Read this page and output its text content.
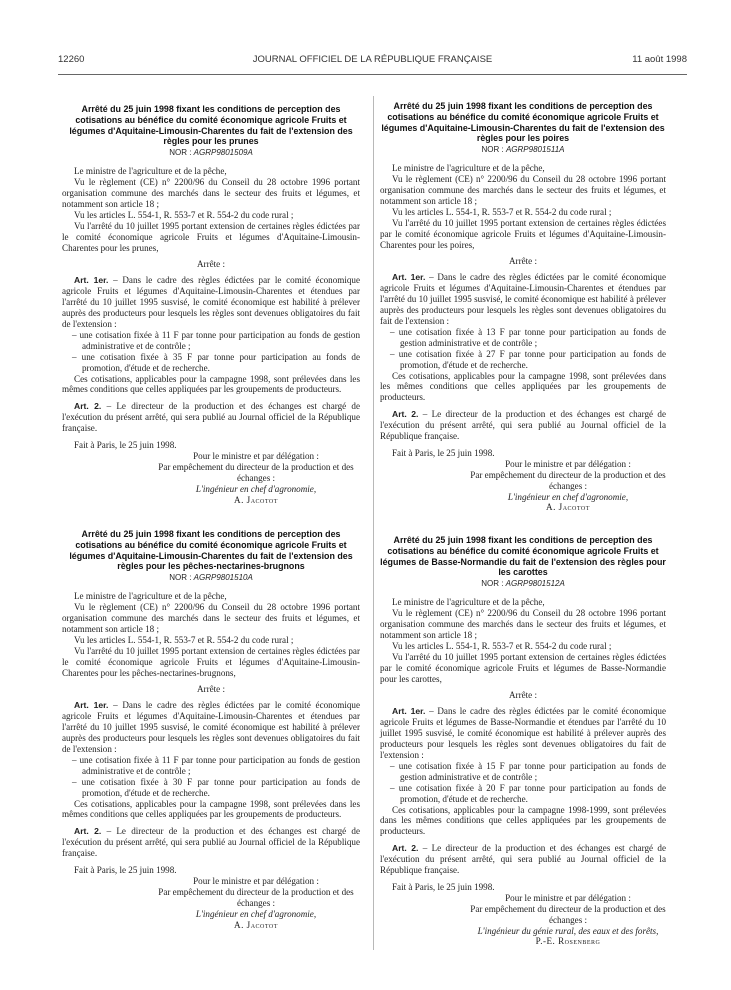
12260	JOURNAL OFFICIEL DE LA RÉPUBLIQUE FRANÇAISE	11 août 1998

Arrêté du 25 juin 1998 fixant les conditions de perception des cotisations au bénéfice du comité économique agricole Fruits et légumes d'Aquitaine-Limousin-Charentes du fait de l'extension des règles pour les prunes

NOR : AGRP9801509A

Le ministre de l'agriculture et de la pêche,

Vu le règlement (CE) n° 2200/96 du Conseil du 28 octobre 1996 portant organisation commune des marchés dans le secteur des fruits et légumes, et notamment son article 18 ;

Vu les articles L. 554-1, R. 553-7 et R. 554-2 du code rural ;

Vu l'arrêté du 10 juillet 1995 portant extension de certaines règles édictées par le comité économique agricole Fruits et légumes d'Aquitaine-Limousin-Charentes pour les prunes,

Arrête :

Art. 1er. – Dans le cadre des règles édictées par le comité économique agricole Fruits et légumes d'Aquitaine-Limousin-Charentes et étendues par l'arrêté du 10 juillet 1995 susvisé, le comité économique est habilité à prélever auprès des producteurs pour lesquels les règles sont devenues obligatoires du fait de l'extension :

– une cotisation fixée à 11 F par tonne pour participation au fonds de gestion administrative et de contrôle ;

– une cotisation fixée à 35 F par tonne pour participation au fonds de promotion, d'étude et de recherche.

Ces cotisations, applicables pour la campagne 1998, sont prélevées dans les mêmes conditions que celles appliquées par les groupements de producteurs.

Art. 2. – Le directeur de la production et des échanges est chargé de l'exécution du présent arrêté, qui sera publié au Journal officiel de la République française.

Fait à Paris, le 25 juin 1998.

Pour le ministre et par délégation :

Par empêchement du directeur de la production et des échanges :

L'ingénieur en chef d'agronomie,

A. Jacotot

Arrêté du 25 juin 1998 fixant les conditions de perception des cotisations au bénéfice du comité économique agricole Fruits et légumes d'Aquitaine-Limousin-Charentes du fait de l'extension des règles pour les poires

NOR : AGRP9801511A

Le ministre de l'agriculture et de la pêche,

Vu le règlement (CE) n° 2200/96 du Conseil du 28 octobre 1996 portant organisation commune des marchés dans le secteur des fruits et légumes, et notamment son article 18 ;

Vu les articles L. 554-1, R. 553-7 et R. 554-2 du code rural ;

Vu l'arrêté du 10 juillet 1995 portant extension de certaines règles édictées par le comité économique agricole Fruits et légumes d'Aquitaine-Limousin-Charentes pour les poires,

Arrête :

Art. 1er. – Dans le cadre des règles édictées par le comité économique agricole Fruits et légumes d'Aquitaine-Limousin-Charentes et étendues par l'arrêté du 10 juillet 1995 susvisé, le comité économique est habilité à prélever auprès des producteurs pour lesquels les règles sont devenues obligatoires du fait de l'extension :

– une cotisation fixée à 13 F par tonne pour participation au fonds de gestion administrative et de contrôle ;

– une cotisation fixée à 27 F par tonne pour participation au fonds de promotion, d'étude et de recherche.

Ces cotisations, applicables pour la campagne 1998, sont prélevées dans les mêmes conditions que celles appliquées par les groupements de producteurs.

Art. 2. – Le directeur de la production et des échanges est chargé de l'exécution du présent arrêté, qui sera publié au Journal officiel de la République française.

Fait à Paris, le 25 juin 1998.

Pour le ministre et par délégation :

Par empêchement du directeur de la production et des échanges :

L'ingénieur en chef d'agronomie,

A. Jacotot

Arrêté du 25 juin 1998 fixant les conditions de perception des cotisations au bénéfice du comité économique agricole Fruits et légumes d'Aquitaine-Limousin-Charentes du fait de l'extension des règles pour les pêches-nectarines-brugnons

NOR : AGRP9801510A

Le ministre de l'agriculture et de la pêche,

Vu le règlement (CE) n° 2200/96 du Conseil du 28 octobre 1996 portant organisation commune des marchés dans le secteur des fruits et légumes, et notamment son article 18 ;

Vu les articles L. 554-1, R. 553-7 et R. 554-2 du code rural ;

Vu l'arrêté du 10 juillet 1995 portant extension de certaines règles édictées par le comité économique agricole Fruits et légumes d'Aquitaine-Limousin-Charentes pour les pêches-nectarines-brugnons,

Arrête :

Art. 1er. – Dans le cadre des règles édictées par le comité économique agricole Fruits et légumes d'Aquitaine-Limousin-Charentes et étendues par l'arrêté du 10 juillet 1995 susvisé, le comité économique est habilité à prélever auprès des producteurs pour lesquels les règles sont devenues obligatoires du fait de l'extension :

– une cotisation fixée à 11 F par tonne pour participation au fonds de gestion administrative et de contrôle ;

– une cotisation fixée à 30 F par tonne pour participation au fonds de promotion, d'étude et de recherche.

Ces cotisations, applicables pour la campagne 1998, sont prélevées dans les mêmes conditions que celles appliquées par les groupements de producteurs.

Art. 2. – Le directeur de la production et des échanges est chargé de l'exécution du présent arrêté, qui sera publié au Journal officiel de la République française.

Fait à Paris, le 25 juin 1998.

Pour le ministre et par délégation :

Par empêchement du directeur de la production et des échanges :

L'ingénieur en chef d'agronomie,

A. Jacotot

Arrêté du 25 juin 1998 fixant les conditions de perception des cotisations au bénéfice du comité économique agricole Fruits et légumes de Basse-Normandie du fait de l'extension des règles pour les carottes

NOR : AGRP9801512A

Le ministre de l'agriculture et de la pêche,

Vu le règlement (CE) n° 2200/96 du Conseil du 28 octobre 1996 portant organisation commune des marchés dans le secteur des fruits et légumes, et notamment son article 18 ;

Vu les articles L. 554-1, R. 553-7 et R. 554-2 du code rural ;

Vu l'arrêté du 10 juillet 1995 portant extension de certaines règles édictées par le comité économique agricole Fruits et légumes de Basse-Normandie pour les carottes,

Arrête :

Art. 1er. – Dans le cadre des règles édictées par le comité économique agricole Fruits et légumes de Basse-Normandie et étendues par l'arrêté du 10 juillet 1995 susvisé, le comité économique est habilité à prélever auprès des producteurs pour lesquels les règles sont devenues obligatoires du fait de l'extension :

– une cotisation fixée à 15 F par tonne pour participation au fonds de gestion administrative et de contrôle ;

– une cotisation fixée à 20 F par tonne pour participation au fonds de promotion, d'étude et de recherche.

Ces cotisations, applicables pour la campagne 1998-1999, sont prélevées dans les mêmes conditions que celles appliquées par les groupements de producteurs.

Art. 2. – Le directeur de la production et des échanges est chargé de l'exécution du présent arrêté, qui sera publié au Journal officiel de la République française.

Fait à Paris, le 25 juin 1998.

Pour le ministre et par délégation :

Par empêchement du directeur de la production et des échanges :

L'ingénieur du génie rural, des eaux et des forêts,

P.-E. Rosenberg
